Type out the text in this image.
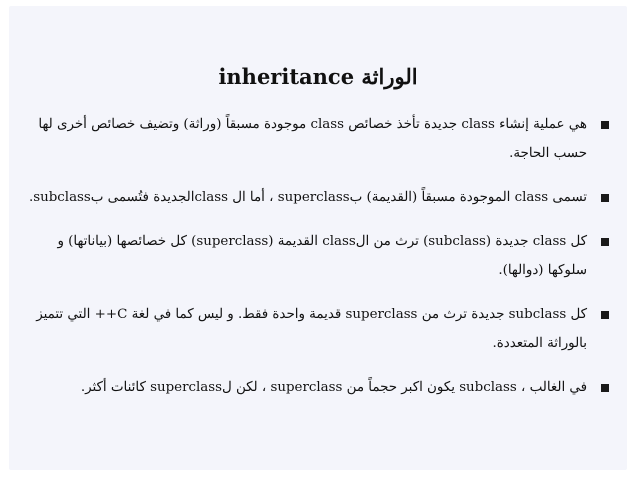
inheritance الوراثة
هي عملية إنشاء class جديدة تأخذ خصائص class موجودة مسبقاً (وراثة) وتضيف خصائص أخرى لها حسب الحاجة.
تسمى class الموجودة مسبقاً (القديمة) بsuperclass ، أما ال classالجديدة فتُسمى بsubclass.
كل class جديدة (subclass) ترث من الclass القديمة (superclass) كل خصائصها (بياناتها) و سلوكها (دوالها).
كل subclass جديدة ترث من superclass قديمة واحدة فقط. و ليس كما في لغة C++ التي تتميز بالوراثة المتعددة.
في الغالب ، subclass يكون اكبر حجماً من superclass ، لكن لsuperclass كائنات أكثر.
